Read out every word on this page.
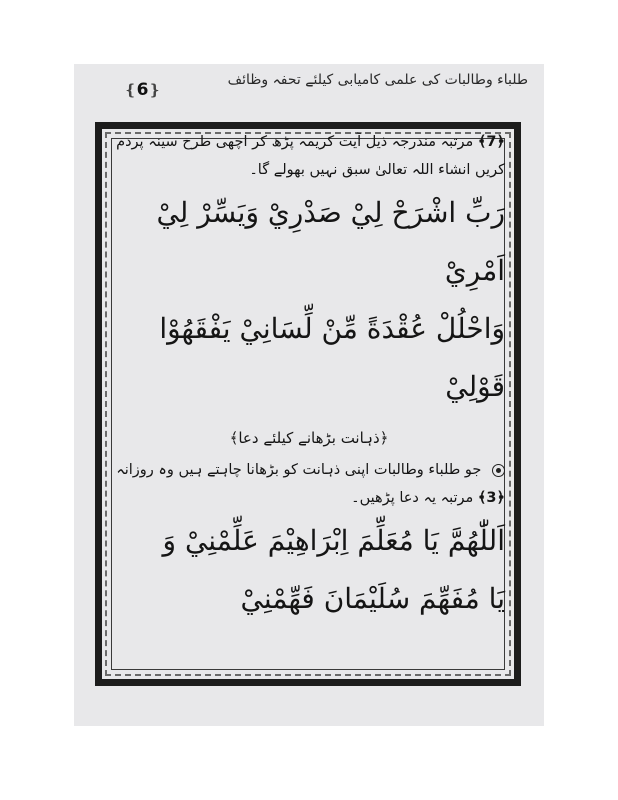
طلباء وطالبات کی علمی کامیابی کیلئے تحفہ وظائف
❴6❵

﴿7﴾ مرتبہ مندرجہ ذیل آیت کریمہ پڑھ کر اچھی طرح سینہ پردم
کریں انشاء اللہ تعالیٰ سبق نہیں بھولے گا۔

رَبِّ اشْرَحْ لِيْ صَدْرِيْ وَيَسِّرْ لِيْ اَمْرِيْ

وَاحْلُلْ عُقْدَةً مِّنْ لِّسَانِيْ يَفْقَهُوْا

قَوْلِيْ

﴿ذہانت بڑھانے کیلئے دعا﴾

جو طلباء وطالبات اپنی ذہانت کو بڑھانا چاہتے ہیں وہ روزانہ
﴿3﴾ مرتبہ یہ دعا پڑھیں۔

اَللّٰهُمَّ يَا مُعَلِّمَ اِبْرَاهِيْمَ عَلِّمْنِيْ وَ

يَا مُفَهِّمَ سُلَيْمَانَ فَهِّمْنِيْ
